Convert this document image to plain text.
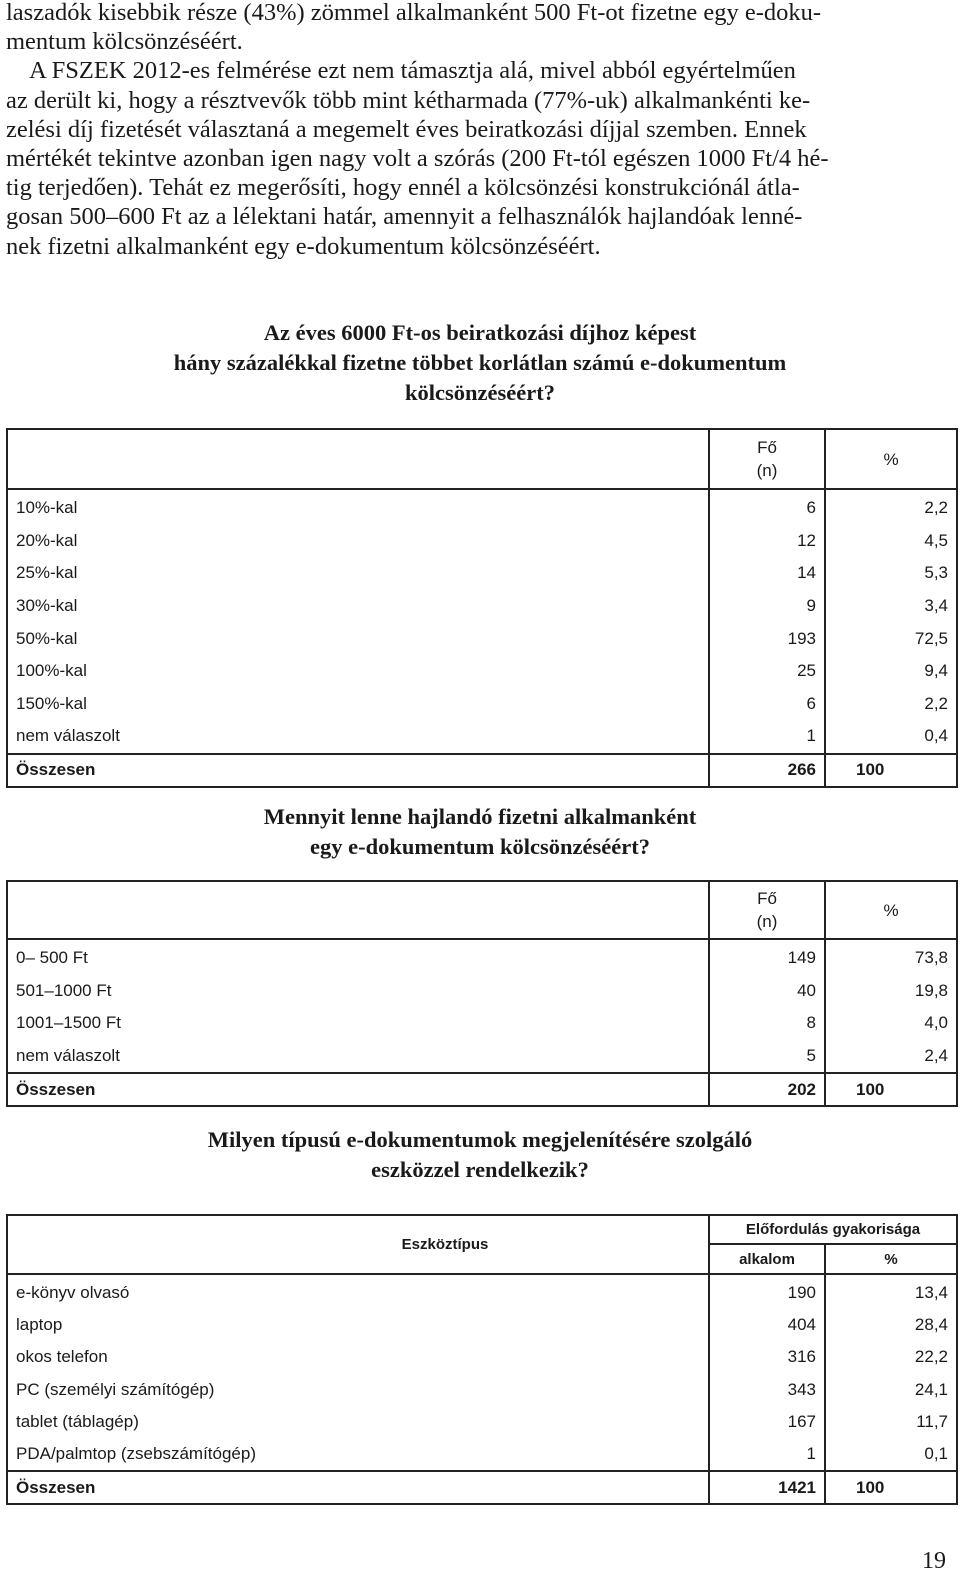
laszadók kisebbik része (43%) zömmel alkalmanként 500 Ft-ot fizetne egy e-doku-
mentum kölcsönzéséért.
A FSZEK 2012-es felmérése ezt nem támasztja alá, mivel abból egyértelműen
az derült ki, hogy a résztvevők több mint kétharmada (77%-uk) alkalmankénti ke-
zelési díj fizetését választaná a megemelt éves beiratkozási díjjal szemben. Ennek
mértékét tekintve azonban igen nagy volt a szórás (200 Ft-tól egészen 1000 Ft/4 hé-
tig terjedően). Tehát ez megerősíti, hogy ennél a kölcsönzési konstrukciónál átla-
gosan 500–600 Ft az a lélektani határ, amennyit a felhasználók hajlandóak lenné-
nek fizetni alkalmanként egy e-dokumentum kölcsönzéséért.
Az éves 6000 Ft-os beiratkozási díjhoz képest
hány százalékkal fizetne többet korlátlan számú e-dokumentum
kölcsönzéséért?
	Fő
(n)	%
10%-kal	6	2,2
20%-kal	12	4,5
25%-kal	14	5,3
30%-kal	9	3,4
50%-kal	193	72,5
100%-kal	25	9,4
150%-kal	6	2,2
nem válaszolt	1	0,4
Összesen	266	100
Mennyit lenne hajlandó fizetni alkalmanként
egy e-dokumentum kölcsönzéséért?
	Fő
(n)	%
0– 500 Ft	149	73,8
501–1000 Ft	40	19,8
1001–1500 Ft	8	4,0
nem válaszolt	5	2,4
Összesen	202	100
Milyen típusú e-dokumentumok megjelenítésére szolgáló
eszközzel rendelkezik?
Eszköztípus	Előfordulás gyakorisága	
	alkalom	%
e-könyv olvasó	190	13,4
laptop	404	28,4
okos telefon	316	22,2
PC (személyi számítógép)	343	24,1
tablet (táblagép)	167	11,7
PDA/palmtop (zsebszámítógép)	1	0,1
Összesen	1421	100
19
